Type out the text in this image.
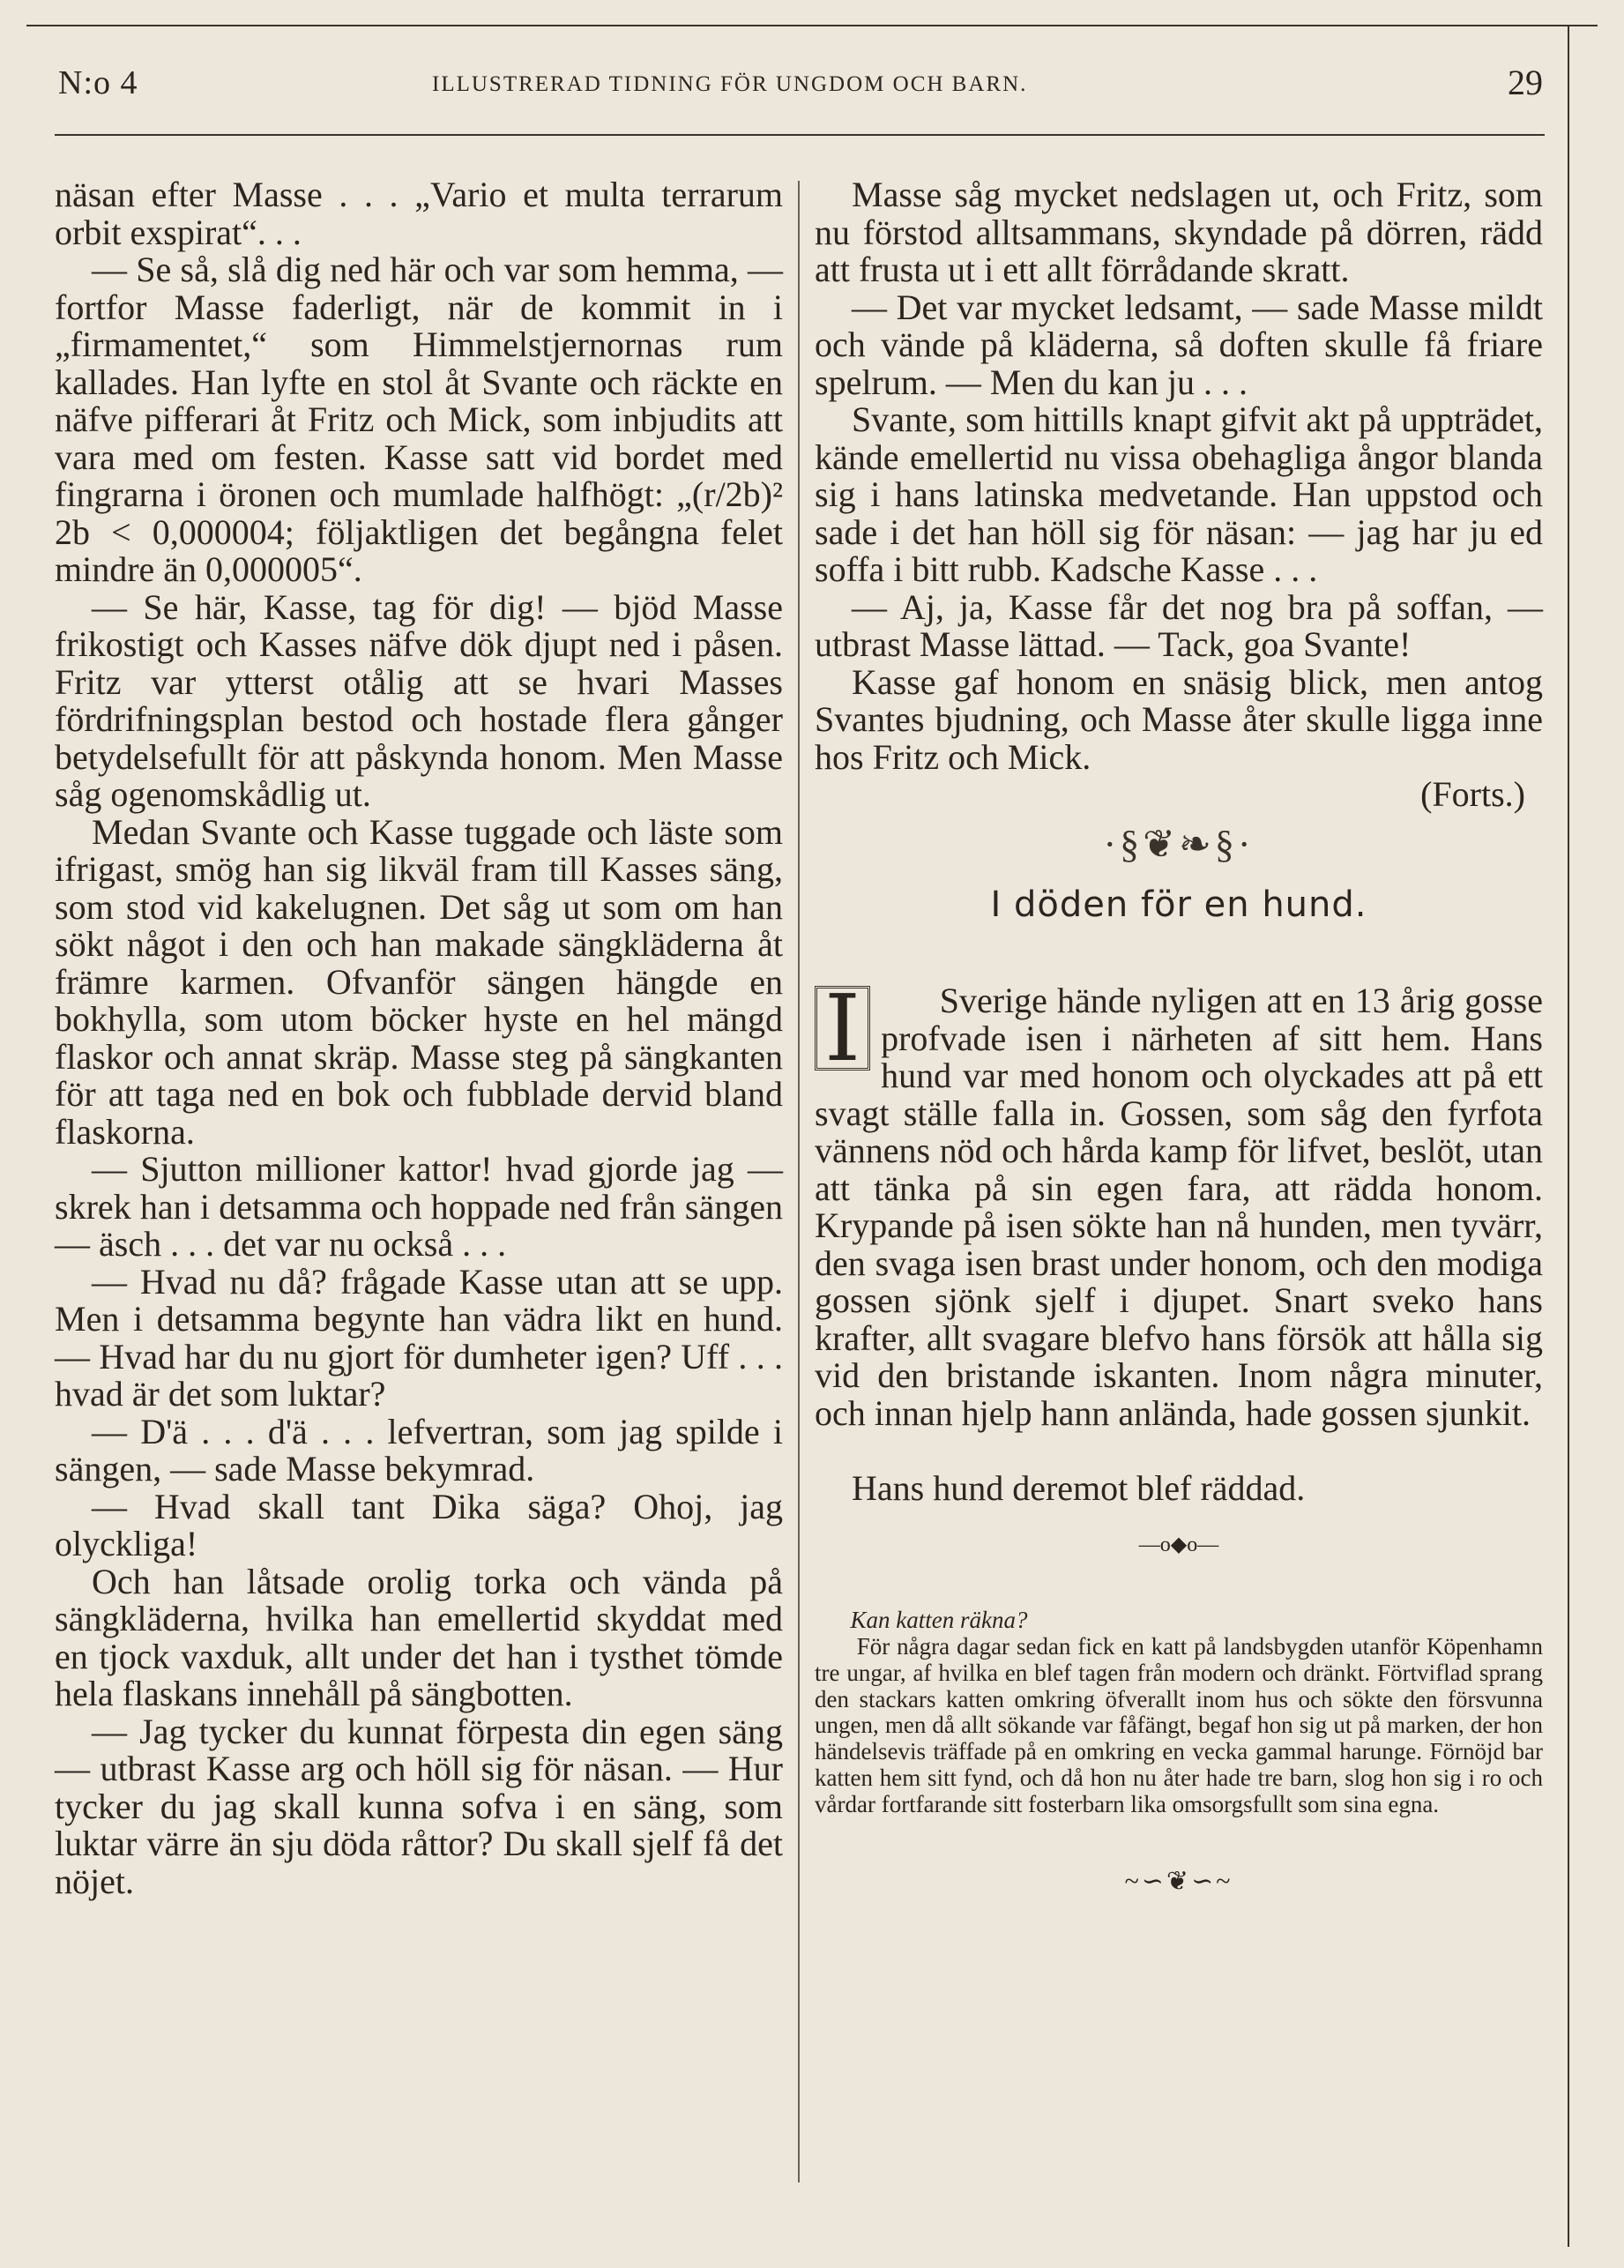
N:o 4	ILLUSTRERAD TIDNING FÖR UNGDOM OCH BARN.	29

näsan efter Masse . . . „Vario et multa terrarum orbit exspirat“. . .

— Se så, slå dig ned här och var som hemma, — fortfor Masse faderligt, när de kommit in i „firmamentet,“ som Himmelstjernornas rum kallades. Han lyfte en stol åt Svante och räckte en näfve pifferari åt Fritz och Mick, som inbjudits att vara med om festen. Kasse satt vid bordet med fingrarna i öronen och mumlade halfhögt: „(r/2b)² 2b < 0,000004; följaktligen det begångna felet mindre än 0,000005“.

— Se här, Kasse, tag för dig! — bjöd Masse frikostigt och Kasses näfve dök djupt ned i påsen. Fritz var ytterst otålig att se hvari Masses fördrifningsplan bestod och hostade flera gånger betydelsefullt för att påskynda honom. Men Masse såg ogenomskådlig ut.

Medan Svante och Kasse tuggade och läste som ifrigast, smög han sig likväl fram till Kasses säng, som stod vid kakelugnen. Det såg ut som om han sökt något i den och han makade sängkläderna åt främre karmen. Ofvanför sängen hängde en bokhylla, som utom böcker hyste en hel mängd flaskor och annat skräp. Masse steg på sängkanten för att taga ned en bok och fubblade dervid bland flaskorna.

— Sjutton millioner kattor! hvad gjorde jag — skrek han i detsamma och hoppade ned från sängen — äsch . . . det var nu också . . .

— Hvad nu då? frågade Kasse utan att se upp. Men i detsamma begynte han vädra likt en hund. — Hvad har du nu gjort för dumheter igen? Uff . . . hvad är det som luktar?

— D'ä . . . d'ä . . . lefvertran, som jag spilde i sängen, — sade Masse bekymrad.

— Hvad skall tant Dika säga? Ohoj, jag olyckliga!

Och han låtsade orolig torka och vända på sängkläderna, hvilka han emellertid skyddat med en tjock vaxduk, allt under det han i tysthet tömde hela flaskans innehåll på sängbotten.

— Jag tycker du kunnat förpesta din egen säng — utbrast Kasse arg och höll sig för näsan. — Hur tycker du jag skall kunna sofva i en säng, som luktar värre än sju döda råttor? Du skall sjelf få det nöjet.

Masse såg mycket nedslagen ut, och Fritz, som nu förstod alltsammans, skyndade på dörren, rädd att frusta ut i ett allt förrådande skratt.

— Det var mycket ledsamt, — sade Masse mildt och vände på kläderna, så doften skulle få friare spelrum. — Men du kan ju . . .

Svante, som hittills knapt gifvit akt på uppträdet, kände emellertid nu vissa obehagliga ångor blanda sig i hans latinska medvetande. Han uppstod och sade i det han höll sig för näsan: — jag har ju ed soffa i bitt rubb. Kadsche Kasse . . .

— Aj, ja, Kasse får det nog bra på soffan, — utbrast Masse lättad. — Tack, goa Svante!

Kasse gaf honom en snäsig blick, men antog Svantes bjudning, och Masse åter skulle ligga inne hos Fritz och Mick.

(Forts.)

·§❦❧§·
I döden för en hund.

I Sverige hände nyligen att en 13 årig gosse profvade isen i närheten af sitt hem. Hans hund var med honom och olyckades att på ett svagt ställe falla in. Gossen, som såg den fyrfota vännens nöd och hårda kamp för lifvet, beslöt, utan att tänka på sin egen fara, att rädda honom. Krypande på isen sökte han nå hunden, men tyvärr, den svaga isen brast under honom, och den modiga gossen sjönk sjelf i djupet. Snart sveko hans krafter, allt svagare blefvo hans försök att hålla sig vid den bristande iskanten. Inom några minuter, och innan hjelp hann anlända, hade gossen sjunkit.

Hans hund deremot blef räddad.

—o◆o—

Kan katten räkna?
För några dagar sedan fick en katt på landsbygden utanför Köpenhamn tre ungar, af hvilka en blef tagen från modern och dränkt. Förtviflad sprang den stackars katten omkring öfverallt inom hus och sökte den försvunna ungen, men då allt sökande var fåfängt, begaf hon sig ut på marken, der hon händelsevis träffade på en omkring en vecka gammal harunge. Förnöjd bar katten hem sitt fynd, och då hon nu åter hade tre barn, slog hon sig i ro och vårdar fortfarande sitt fosterbarn lika omsorgsfullt som sina egna.

~∽❦∽~
